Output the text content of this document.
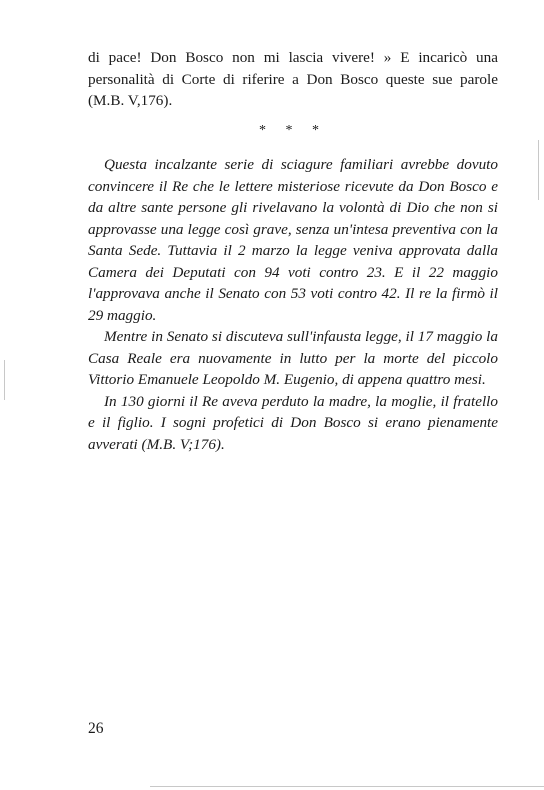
di pace! Don Bosco non mi lascia vivere! » E incaricò una personalità di Corte di riferire a Don Bosco queste sue parole (M.B. V,176).

* * *

Questa incalzante serie di sciagure familiari avrebbe dovuto convincere il Re che le lettere misteriose ricevute da Don Bosco e da altre sante persone gli rivelavano la volontà di Dio che non si approvasse una legge così grave, senza un'intesa preventiva con la Santa Sede. Tuttavia il 2 marzo la legge veniva approvata dalla Camera dei Deputati con 94 voti contro 23. E il 22 maggio l'approvava anche il Senato con 53 voti contro 42. Il re la firmò il 29 maggio.

Mentre in Senato si discuteva sull'infausta legge, il 17 maggio la Casa Reale era nuovamente in lutto per la morte del piccolo Vittorio Emanuele Leopoldo M. Eugenio, di appena quattro mesi.

In 130 giorni il Re aveva perduto la madre, la moglie, il fratello e il figlio. I sogni profetici di Don Bosco si erano pienamente avverati (M.B. V;176).

26
